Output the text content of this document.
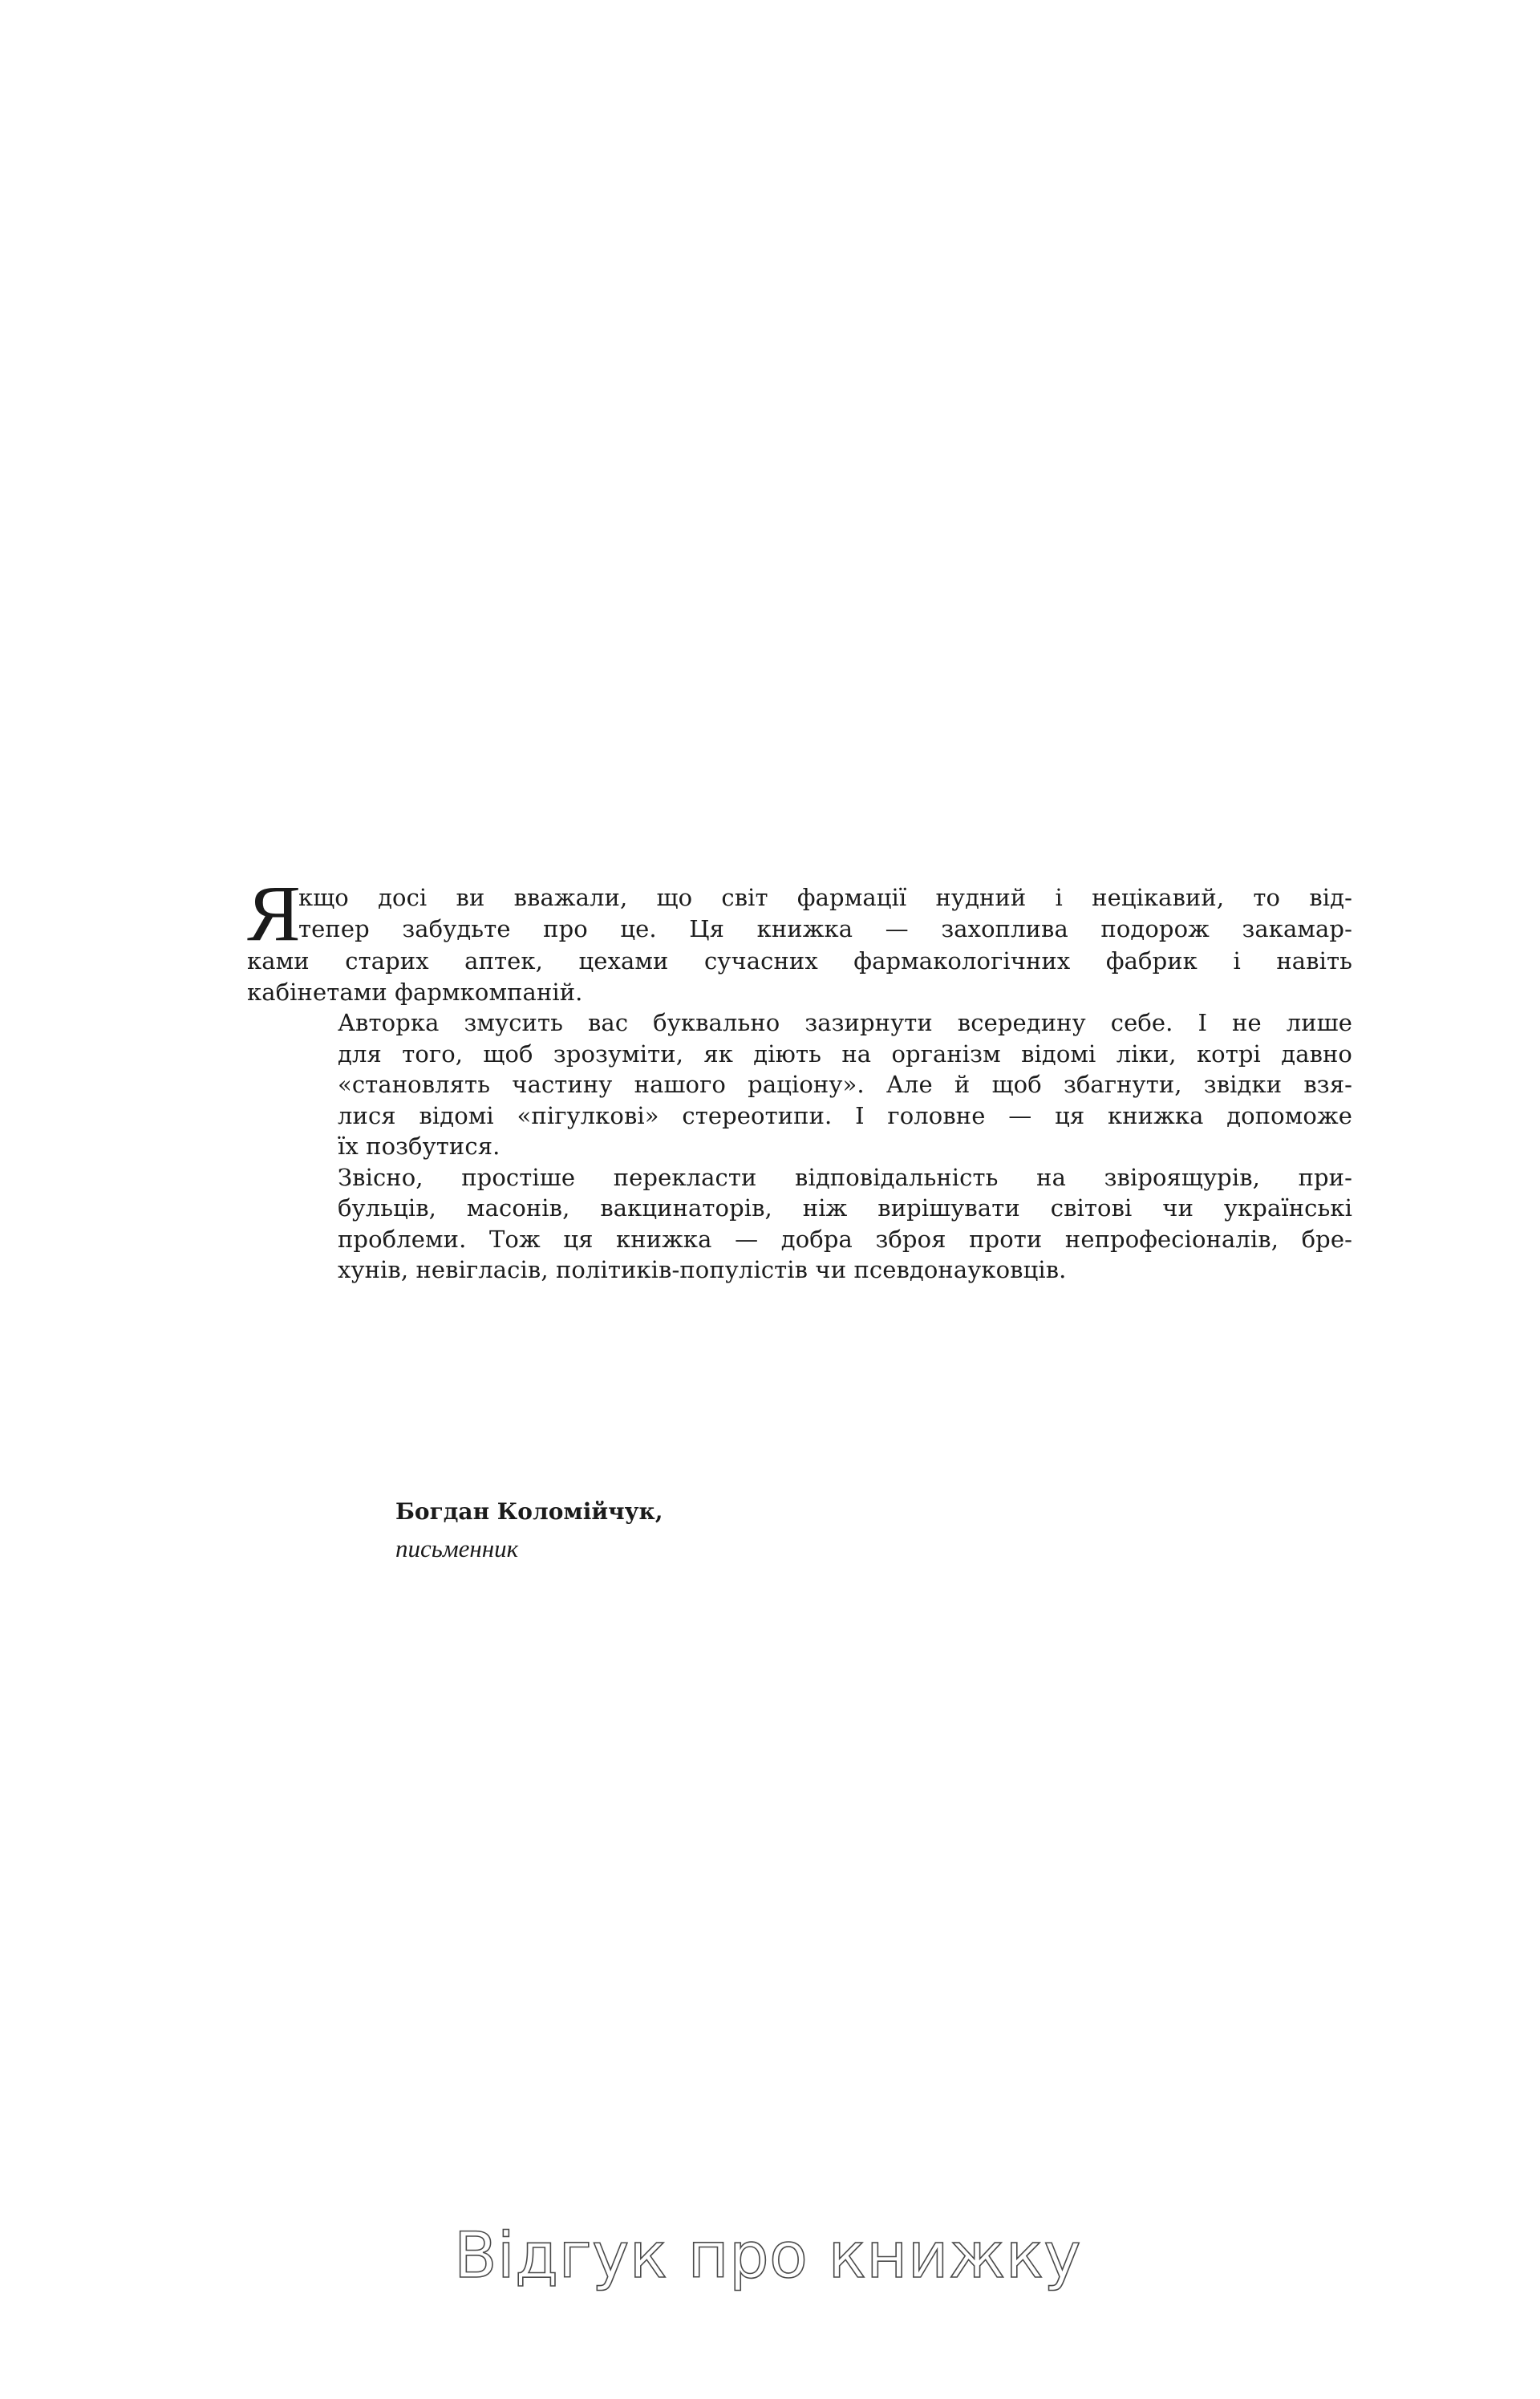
Я
кщо досі ви вважали, що світ фармації нудний і нецікавий, то від-
тепер забудьте про це. Ця книжка — захоплива подорож закамар-
ками старих аптек, цехами сучасних фармакологічних фабрик і навіть
кабінетами фармкомпаній.
Авторка змусить вас буквально зазирнути всередину себе. І не лише
для того, щоб зрозуміти, як діють на організм відомі ліки, котрі давно
«становлять частину нашого раціону». Але й щоб збагнути, звідки взя-
лися відомі «пігулкові» стереотипи. І головне — ця книжка допоможе
їх позбутися.
Звісно, простіше перекласти відповідальність на звіроящурів, при-
бульців, масонів, вакцинаторів, ніж вирішувати світові чи українські
проблеми. Тож ця книжка — добра зброя проти непрофесіоналів, бре-
хунів, невігласів, політиків-популістів чи псевдонауковців.
Богдан Коломійчук,
письменник
Відгук про книжку
